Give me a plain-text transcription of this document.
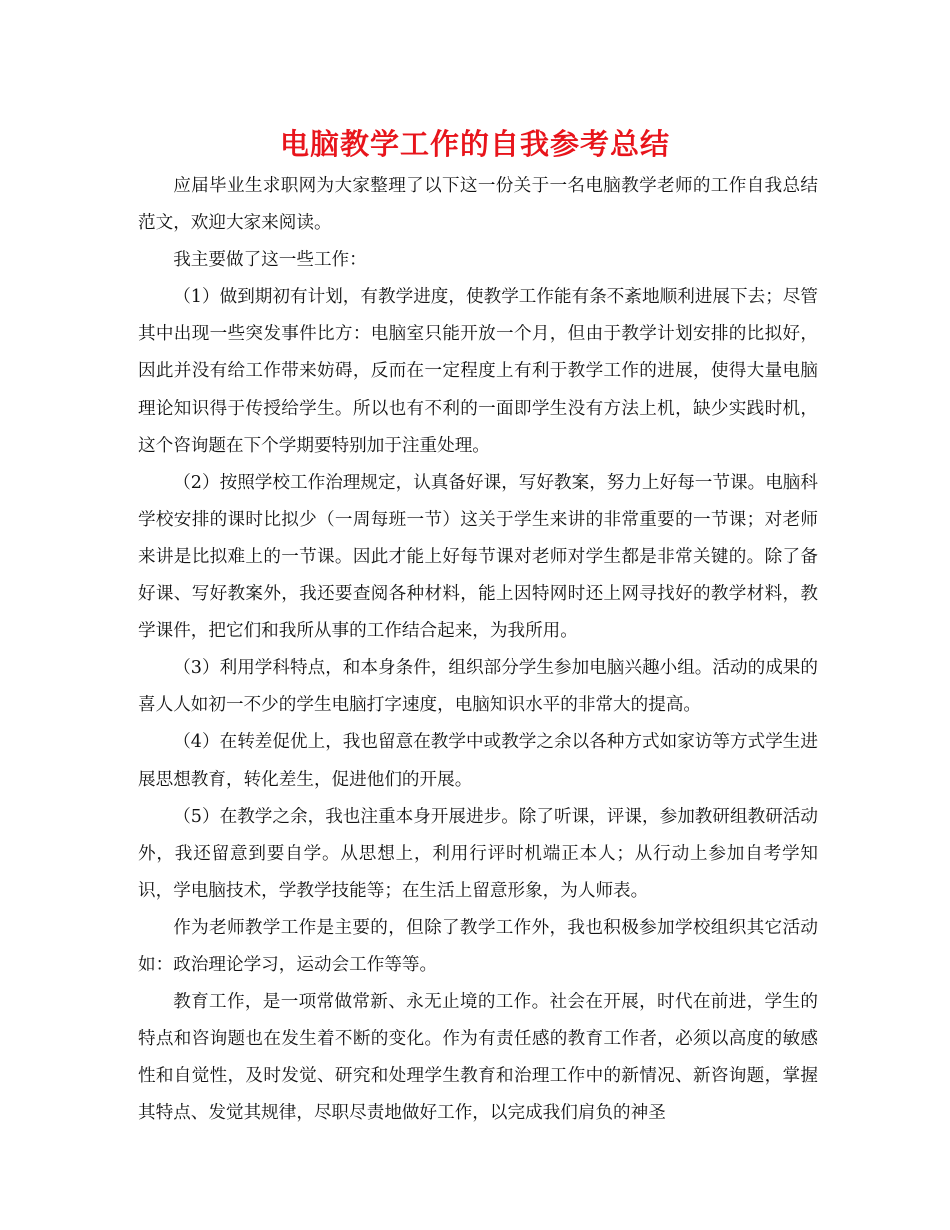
电脑教学工作的自我参考总结

应届毕业生求职网为大家整理了以下这一份关于一名电脑教学老师的工作自我总结范文，欢迎大家来阅读。

我主要做了这一些工作：

（1）做到期初有计划，有教学进度，使教学工作能有条不紊地顺利进展下去；尽管其中出现一些突发事件比方：电脑室只能开放一个月，但由于教学计划安排的比拟好，因此并没有给工作带来妨碍，反而在一定程度上有利于教学工作的进展，使得大量电脑理论知识得于传授给学生。所以也有不利的一面即学生没有方法上机，缺少实践时机，这个咨询题在下个学期要特别加于注重处理。

（2）按照学校工作治理规定，认真备好课，写好教案，努力上好每一节课。电脑科学校安排的课时比拟少（一周每班一节）这关于学生来讲的非常重要的一节课；对老师来讲是比拟难上的一节课。因此才能上好每节课对老师对学生都是非常关键的。除了备好课、写好教案外，我还要查阅各种材料，能上因特网时还上网寻找好的教学材料，教学课件，把它们和我所从事的工作结合起来，为我所用。

（3）利用学科特点，和本身条件，组织部分学生参加电脑兴趣小组。活动的成果的喜人人如初一不少的学生电脑打字速度，电脑知识水平的非常大的提高。

（4）在转差促优上，我也留意在教学中或教学之余以各种方式如家访等方式学生进展思想教育，转化差生，促进他们的开展。

（5）在教学之余，我也注重本身开展进步。除了听课，评课，参加教研组教研活动外，我还留意到要自学。从思想上，利用行评时机端正本人；从行动上参加自考学知识，学电脑技术，学教学技能等；在生活上留意形象，为人师表。

作为老师教学工作是主要的，但除了教学工作外，我也积极参加学校组织其它活动如：政治理论学习，运动会工作等等。

教育工作，是一项常做常新、永无止境的工作。社会在开展，时代在前进，学生的特点和咨询题也在发生着不断的变化。作为有责任感的教育工作者，必须以高度的敏感性和自觉性，及时发觉、研究和处理学生教育和治理工作中的新情况、新咨询题，掌握其特点、发觉其规律，尽职尽责地做好工作，以完成我们肩负的神圣
